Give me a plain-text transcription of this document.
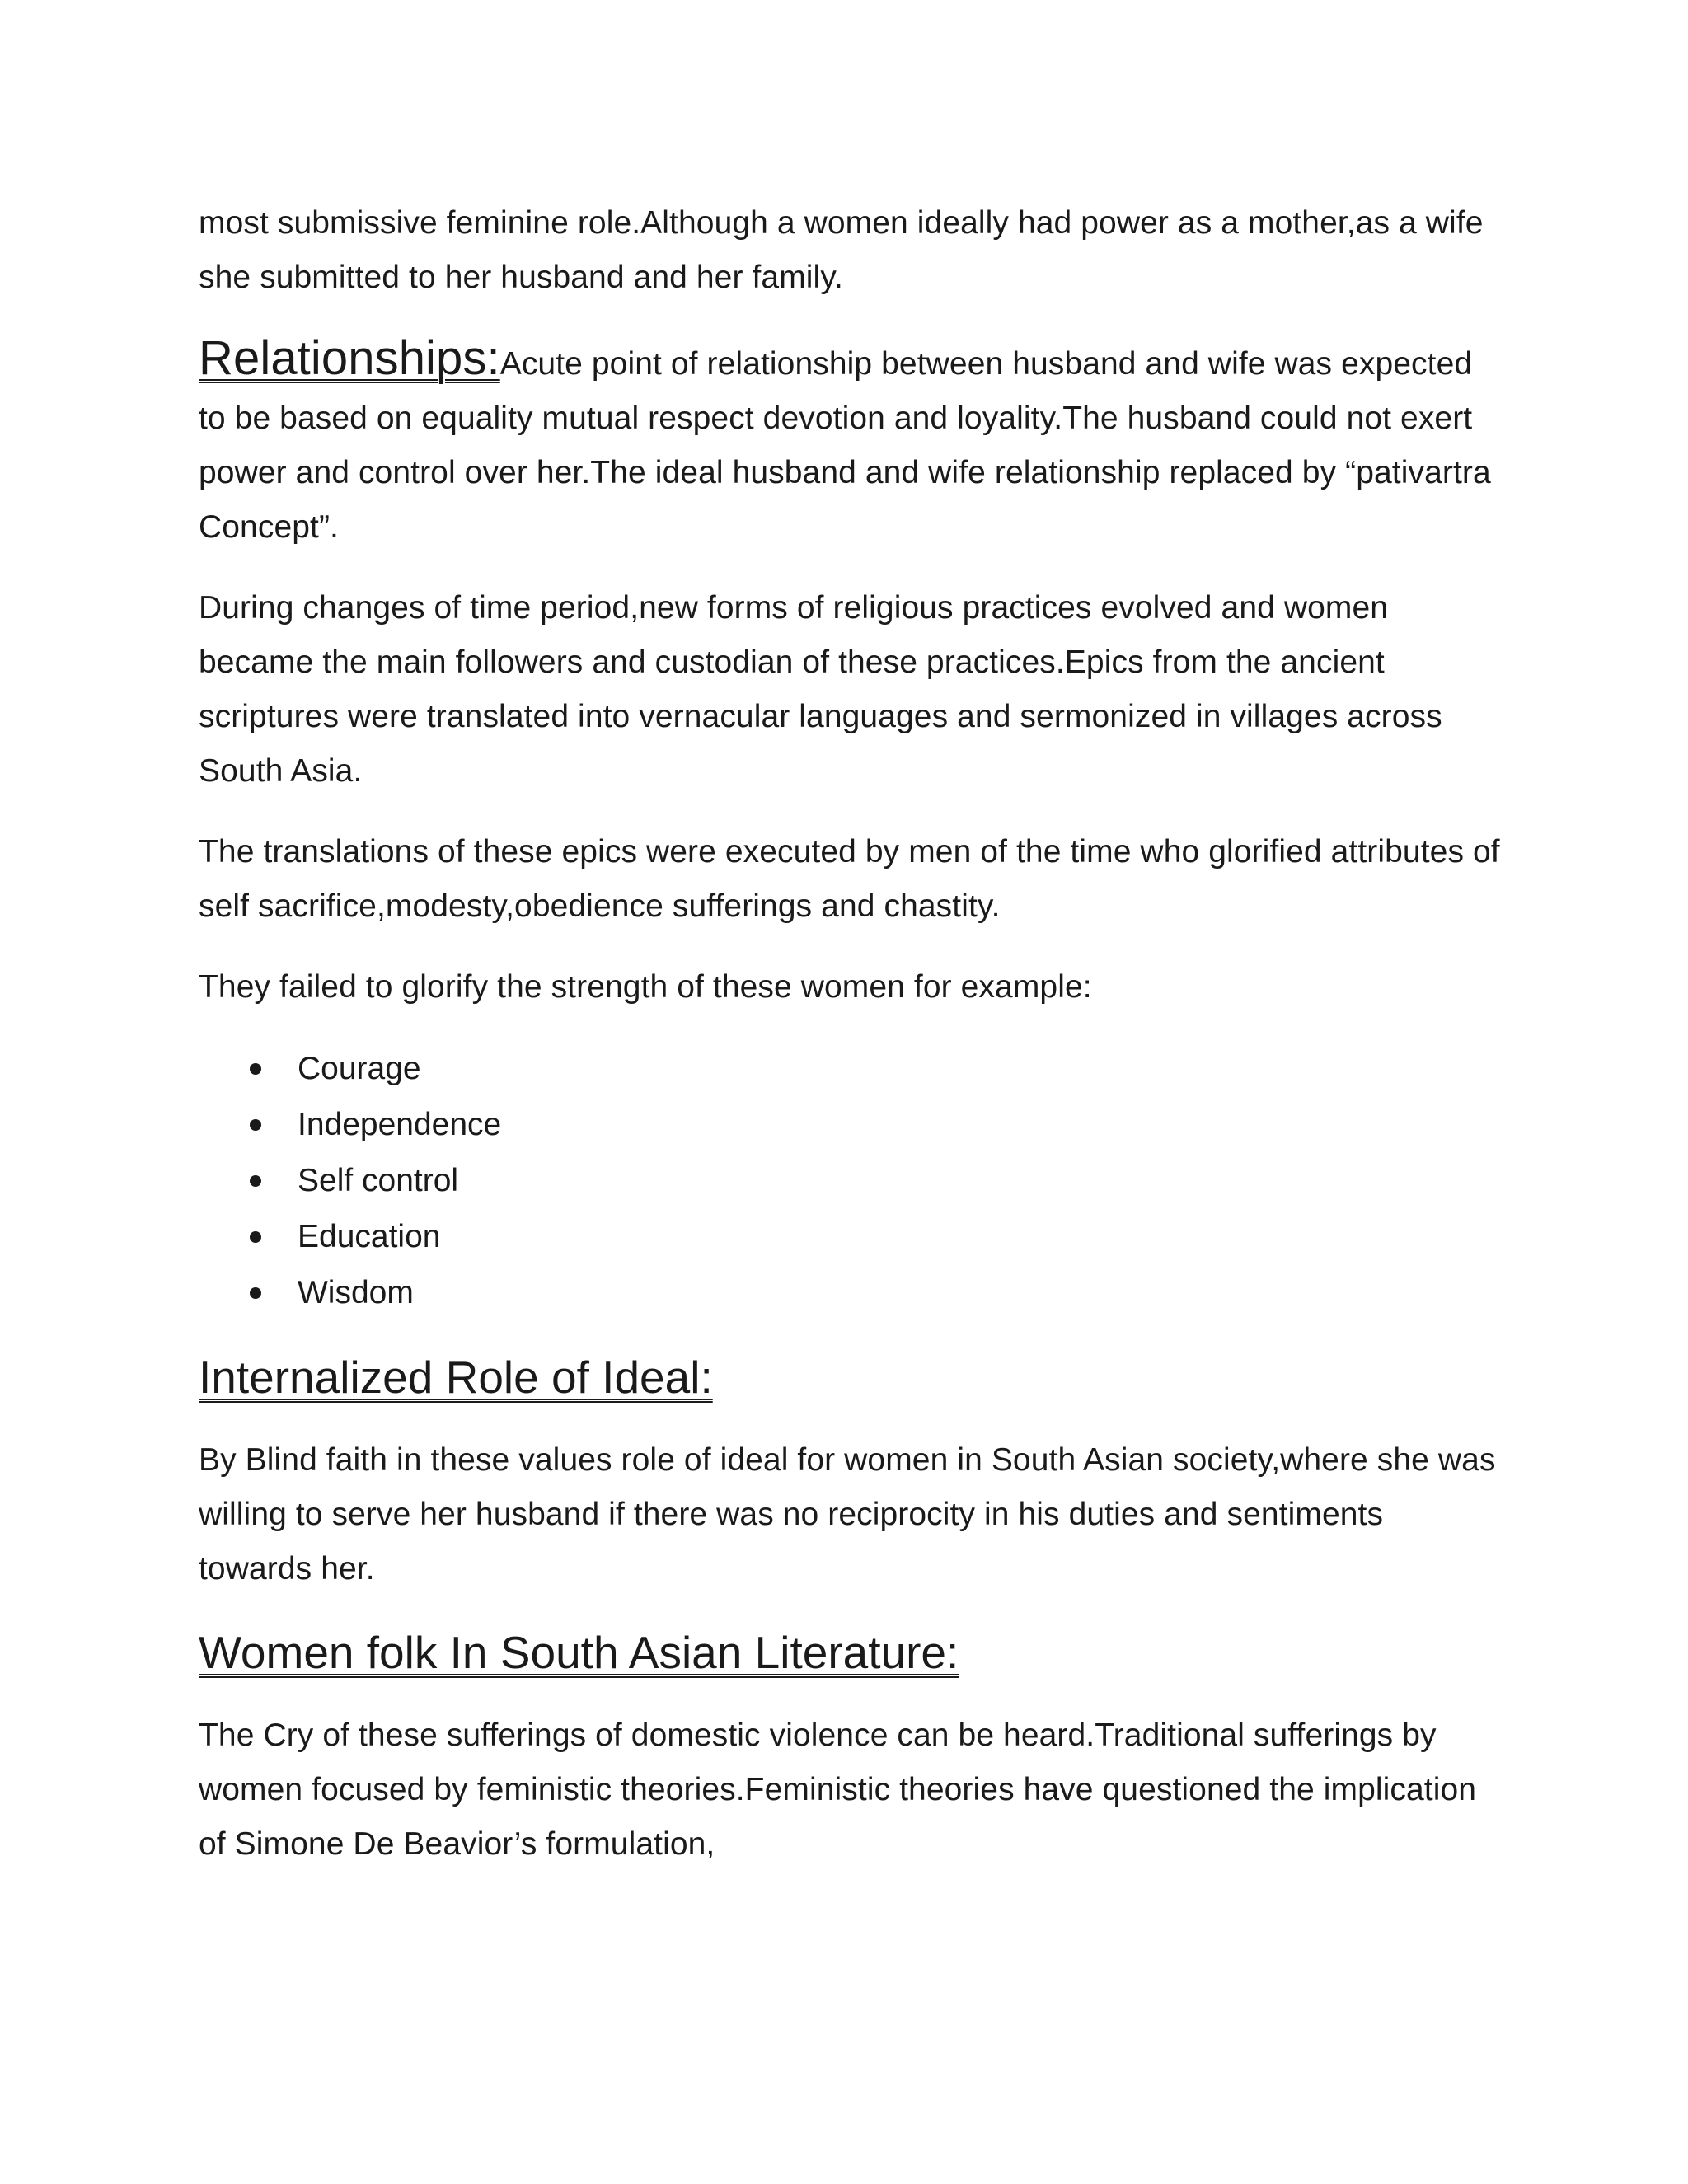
most submissive feminine role.Although a women ideally had power as a mother,as a wife she submitted to her husband and her family.

Relationships:Acute point of relationship between husband and wife was expected to be based on equality mutual respect devotion and loyality.The husband could not exert power and control over her.The ideal husband and wife relationship replaced by “pativartra Concept”.

During changes of time period,new forms of religious practices evolved and women became the main followers and custodian of these practices.Epics from the ancient scriptures were translated into vernacular languages and sermonized in villages across South Asia.

The translations of these epics were executed by men of the time who glorified attributes of self sacrifice,modesty,obedience sufferings and chastity.

They failed to glorify the strength of these women for example:

Courage
Independence
Self control
Education
Wisdom
Internalized Role of Ideal:

By Blind faith in these values role of ideal for women in South Asian society,where she was willing to serve her husband if there was no reciprocity in his duties and sentiments towards her.

Women folk In South Asian Literature:

The Cry of these sufferings of domestic violence can be heard.Traditional sufferings by women focused by feministic theories.Feministic theories have questioned the implication of Simone De Beavior’s formulation,
